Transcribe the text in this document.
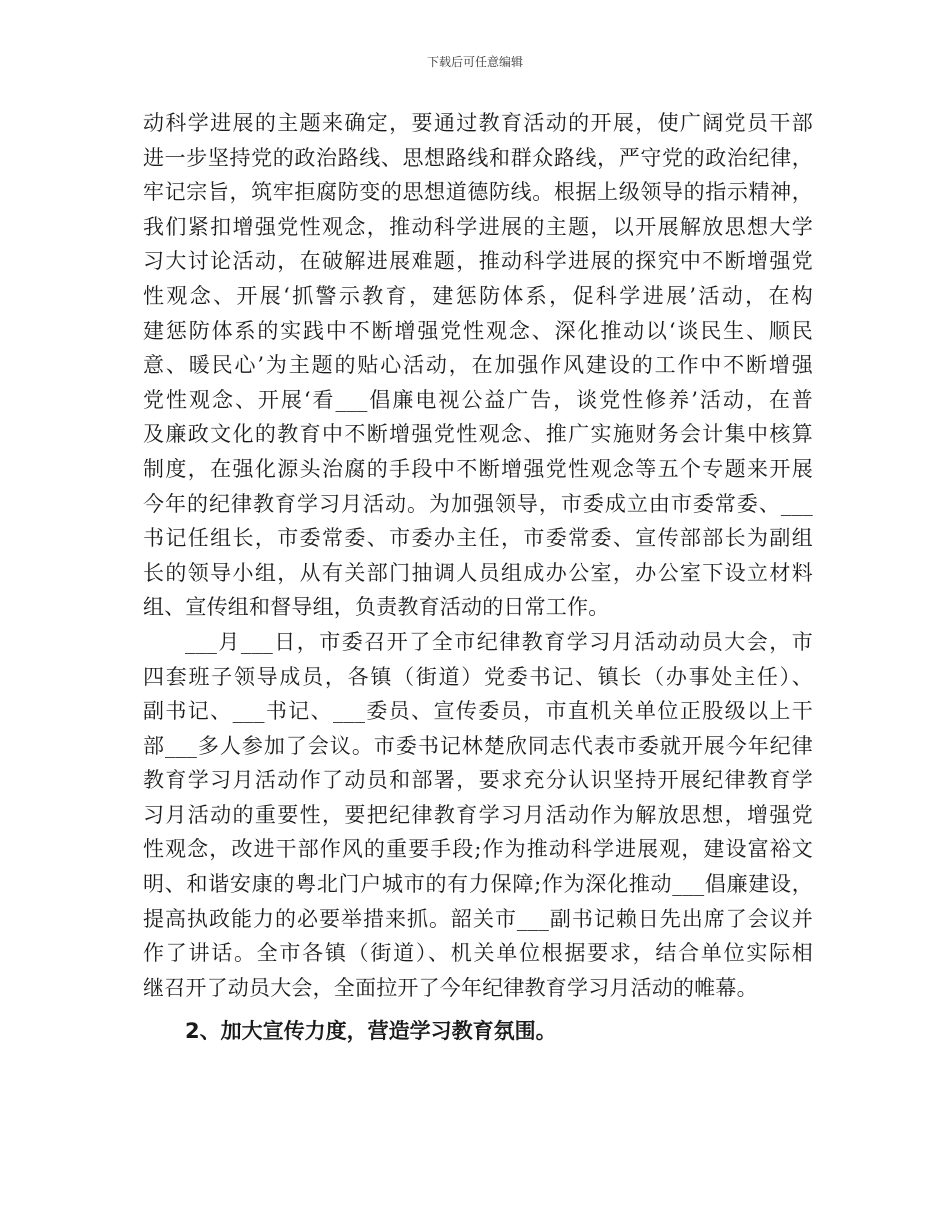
下载后可任意编辑
动科学进展的主题来确定，要通过教育活动的开展，使广阔党员干部
进一步坚持党的政治路线、思想路线和群众路线，严守党的政治纪律，
牢记宗旨，筑牢拒腐防变的思想道德防线。根据上级领导的指示精神，
我们紧扣增强党性观念，推动科学进展的主题，以开展解放思想大学
习大讨论活动，在破解进展难题，推动科学进展的探究中不断增强党
性观念、开展‘抓警示教育，建惩防体系，促科学进展’活动，在构
建惩防体系的实践中不断增强党性观念、深化推动以‘谈民生、顺民
意、暖民心’为主题的贴心活动，在加强作风建设的工作中不断增强
党性观念、开展‘看___倡廉电视公益广告，谈党性修养’活动，在普
及廉政文化的教育中不断增强党性观念、推广实施财务会计集中核算
制度，在强化源头治腐的手段中不断增强党性观念等五个专题来开展
今年的纪律教育学习月活动。为加强领导，市委成立由市委常委、___
书记任组长，市委常委、市委办主任，市委常委、宣传部部长为副组
长的领导小组，从有关部门抽调人员组成办公室，办公室下设立材料
组、宣传组和督导组，负责教育活动的日常工作。
___月___日，市委召开了全市纪律教育学习月活动动员大会，市
四套班子领导成员，各镇（街道）党委书记、镇长（办事处主任）、
副书记、___书记、___委员、宣传委员，市直机关单位正股级以上干
部___多人参加了会议。市委书记林楚欣同志代表市委就开展今年纪律
教育学习月活动作了动员和部署，要求充分认识坚持开展纪律教育学
习月活动的重要性，要把纪律教育学习月活动作为解放思想，增强党
性观念，改进干部作风的重要手段;作为推动科学进展观，建设富裕文
明、和谐安康的粤北门户城市的有力保障;作为深化推动___倡廉建设，
提高执政能力的必要举措来抓。韶关市___副书记赖日先出席了会议并
作了讲话。全市各镇（街道）、机关单位根据要求，结合单位实际相
继召开了动员大会，全面拉开了今年纪律教育学习月活动的帷幕。
2、加大宣传力度，营造学习教育氛围。
